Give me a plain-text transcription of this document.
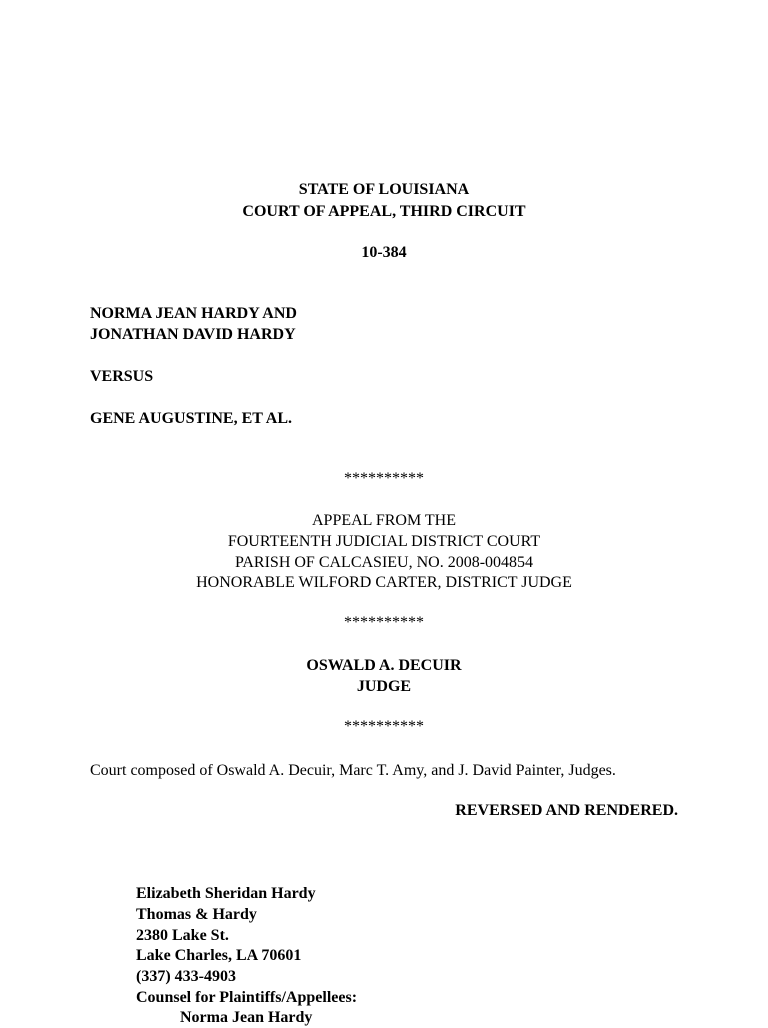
STATE OF LOUISIANA
COURT OF APPEAL, THIRD CIRCUIT
10-384
NORMA JEAN HARDY AND
JONATHAN DAVID HARDY
VERSUS
GENE AUGUSTINE, ET AL.
**********
APPEAL FROM THE
FOURTEENTH JUDICIAL DISTRICT COURT
PARISH OF CALCASIEU, NO. 2008-004854
HONORABLE WILFORD CARTER, DISTRICT JUDGE
**********
OSWALD A. DECUIR
JUDGE
**********
Court composed of Oswald A. Decuir, Marc T. Amy, and J. David Painter, Judges.
REVERSED AND RENDERED.
Elizabeth Sheridan Hardy
Thomas & Hardy
2380 Lake St.
Lake Charles, LA 70601
(337) 433-4903
Counsel for Plaintiffs/Appellees:
Norma Jean Hardy
